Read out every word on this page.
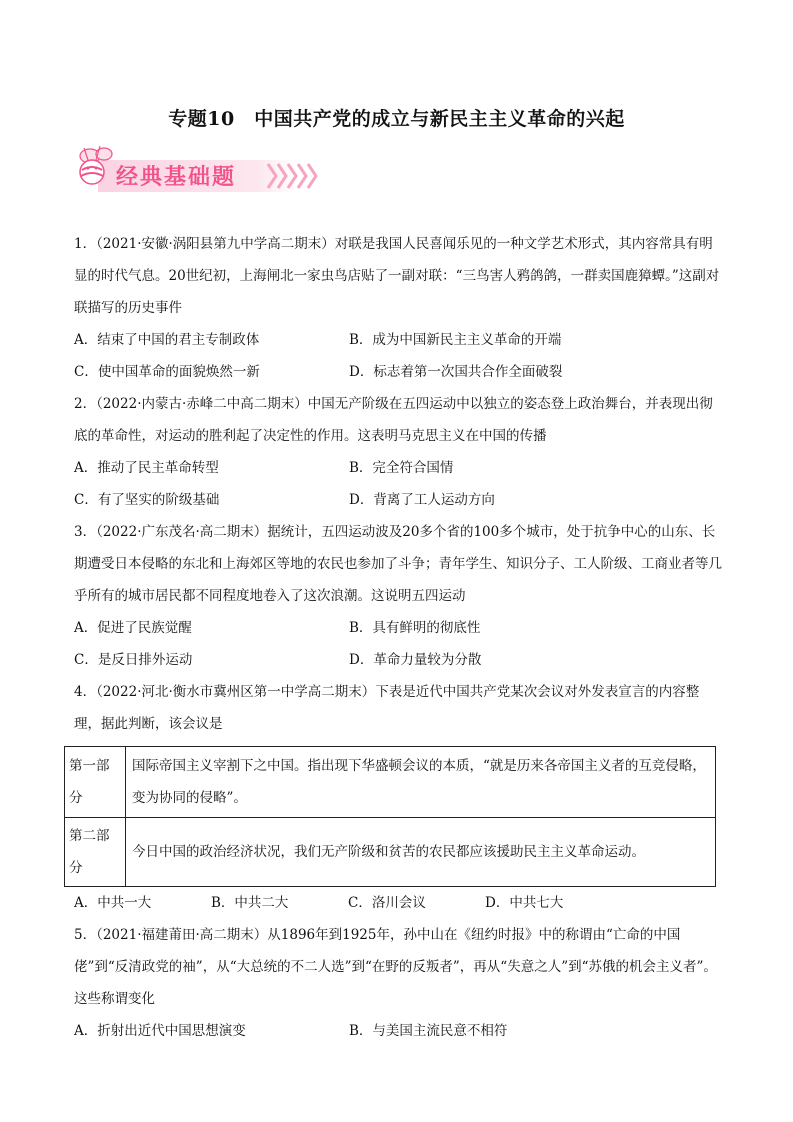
专题10　中国共产党的成立与新民主主义革命的兴起
经典基础题

1．（2021·安徽·涡阳县第九中学高二期末）对联是我国人民喜闻乐见的一种文学艺术形式，其内容常具有明显的时代气息。20世纪初，上海闸北一家虫鸟店贴了一副对联：“三鸟害人鸦鸽鸽，一群卖国鹿獐蟫。”这副对联描写的历史事件

A．结束了中国的君主专制政体	B．成为中国新民主主义革命的开端
C．使中国革命的面貌焕然一新	D．标志着第一次国共合作全面破裂

2．（2022·内蒙古·赤峰二中高二期末）中国无产阶级在五四运动中以独立的姿态登上政治舞台，并表现出彻底的革命性，对运动的胜利起了决定性的作用。这表明马克思主义在中国的传播

A．推动了民主革命转型	B．完全符合国情
C．有了坚实的阶级基础	D．背离了工人运动方向

3．（2022·广东茂名·高二期末）据统计，五四运动波及20多个省的100多个城市，处于抗争中心的山东、长期遭受日本侵略的东北和上海郊区等地的农民也参加了斗争；青年学生、知识分子、工人阶级、工商业者等几乎所有的城市居民都不同程度地卷入了这次浪潮。这说明五四运动

A．促进了民族觉醒	B．具有鲜明的彻底性
C．是反日排外运动	D．革命力量较为分散

4．（2022·河北·衡水市冀州区第一中学高二期末）下表是近代中国共产党某次会议对外发表宣言的内容整理，据此判断，该会议是

第一部分	国际帝国主义宰割下之中国。指出现下华盛顿会议的本质，“就是历来各帝国主义者的互竞侵略，变为协同的侵略”。
第二部分	今日中国的政治经济状况，我们无产阶级和贫苦的农民都应该援助民主主义革命运动。
A．中共一大	B．中共二大	C．洛川会议	D．中共七大

5．（2021·福建莆田·高二期末）从1896年到1925年，孙中山在《纽约时报》中的称谓由“亡命的中国佬”到“反清政党的袖”，从“大总统的不二人选”到“在野的反叛者”，再从“失意之人”到“苏俄的机会主义者”。这些称谓变化

A．折射出近代中国思想演变	B．与美国主流民意不相符
